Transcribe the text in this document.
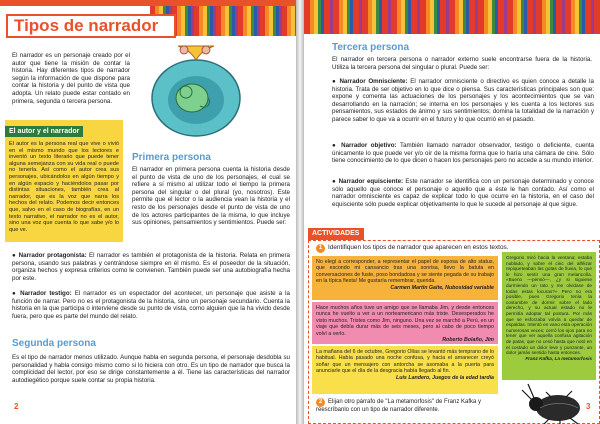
Tipos de narrador

El narrador es un personaje creado por el autor que tiene la misión de contar la historia. Hay diferentes tipos de narrador según la información de que dispone para contar la historia y del punto de vista que adopta. Un relato puede estar contado en primera, segunda o tercera persona.

El autor y el narrador

El autor es la persona real que vive o vivió en el mismo mundo que los lectores e inventó un texto literario que puede tener alguna semejanza con su vida real o puede no tenerla. Así como el autor crea sus personajes, ubicándolos en algún tiempo y en algún espacio y haciéndolos pasar por distintas situaciones, también crea al narrador, que es la voz que narra los hechos del relato. Podemos decir entonces que, salvo en el caso de biografías, en un texto narrativo, el narrador no es el autor, sino una voz que cuenta lo que sabe y/o lo que ve.

Primera persona

El narrador en primera persona cuenta la historia desde el punto de vista de uno de los personajes, el cual se refiere a sí mismo al utilizar todo el tiempo la primera persona del singular o del plural (yo, nosotros). Este permite que el lector o la audiencia vean la historia y el resto de los personajes desde el punto de vista de uno de los actores participantes de la misma, lo que incluye sus opiniones, pensamientos y sentimientos. Puede ser:

● Narrador protagonista: El narrador es también el protagonista de la historia. Relata en primera persona, usando sus palabras y centrándose siempre en él mismo. Es el poseedor de la situación, organiza hechos y expresa criterios como le convienen. También puede ser una autobiografía hecha por este.

● Narrador testigo: El narrador es un espectador del acontecer, un personaje que asiste a la función de narrar. Pero no es el protagonista de la historia, sino un personaje secundario. Cuenta la historia en la que participa o interviene desde su punto de vista, como alguien que la ha vivido desde fuera, pero que es parte del mundo del relato.

Segunda persona

Es el tipo de narrador menos utilizado. Aunque habla en segunda persona, el personaje desdobla su personalidad y habla consigo mismo como si lo hiciera con otro. Es un tipo de narrador que busca la complicidad del lector, por eso se dirige constantemente a él. Tiene las características del narrador autodiegético porque suele contar su propia historia.

2
Tercera persona

El narrador en tercera persona o narrador externo suele encontrarse fuera de la historia. Utiliza la tercera persona del singular o plural. Puede ser:

● Narrador Omnisciente: El narrador omnisciente o directivo es quien conoce a detalle la historia. Trata de ser objetivo en lo que dice o piensa. Sus características principales son que: expone y comenta las actuaciones de los personajes y los acontecimientos que se van desarrollando en la narración; se interna en los personajes y les cuenta a los lectores sus pensamientos, sus estados de ánimo y sus sentimientos; domina la totalidad de la narración y parece saber lo que va a ocurrir en el futuro y lo que ocurrió en el pasado.

● Narrador objetivo: También llamado narrador observador, testigo o deficiente, cuenta únicamente lo que puede ver y/o oír de la misma forma que lo haría una cámara de cine. Sólo tiene conocimiento de lo que dicen o hacen los personajes pero no accede a su mundo interior.

● Narrador equisciente: Este narrador se identifica con un personaje determinado y conoce sólo aquello que conoce el personaje o aquello que a éste le han contado. Así como el narrador omnisciente es capaz de explicar todo lo que ocurre en la historia, en el caso del equisciente sólo puede explicar objetivamente lo que le sucede al personaje al que sigue.

ACTIVIDADES

1 Identifiquen los tipos de narrador que aparecen en estos textos.

No elegí a corresponder, a representar el papel de esposa de alto status, que escondo mi cansancio tras una sonrisa, llevo la batuta en conversaciones de fuste, poso bondadosa y se siente pegada de su trabajo en la típica fiesta! Me gustaría remembrar, querida.
Carmen Martín Gaite, Nubosidad variable
Hace muchos años tuve un amigo que se llamaba Jim, y desde entonces nunca he vuelto a ver a un norteamericano más triste. Desesperados he visto muchos. Tristes como Jim, ninguno. Una vez se marchó a Perú, en un viaje que debía durar más de seis meses, pero al cabo de poco tiempo volví a verlo.
Roberto Bolaño, Jim
La mañana del 6 de octubre, Gregorio Olías se levantó más temprano de lo habitual. Había pasado una noche confusa, y hacia el amanecer creyó soñar que un mensajero con antorcha se asomaba a la puerta para anunciarle que el día de la desgracia había llegado al fin.
Luis Landero, Juegos de la edad tardía
Gregorio miró hacia la ventana; estaba nublado, y sobre el cinc del alféizar repiqueteaban las gotas de lluvia, lo que le hizo sentir una gran melancolía. «Bueno —pensó—, ¿y si siguiese durmiendo un rato y me olvidase de todas estas locuras?» Pero no era posible, pues Gregorio tenía la costumbre de dormir sobre el lado derecho, y su actual estado no le permitía adoptar tal postura. Por más que se esforzaba volvía a quedar de espaldas. Intentó en vano esta operación numerosas veces; cerró los ojos para no tener que ver aquella confusa agitación de patas, que no cesó hasta que notó en el costado un dolor leve y punzante, un dolor jamás sentido hasta entonces.
Franz Kafka, La metamorfosis

2 Elijan otro párrafo de "La metamorfosis" de Franz Kafka y reescríbanlo con un tipo de narrador diferente.	3
